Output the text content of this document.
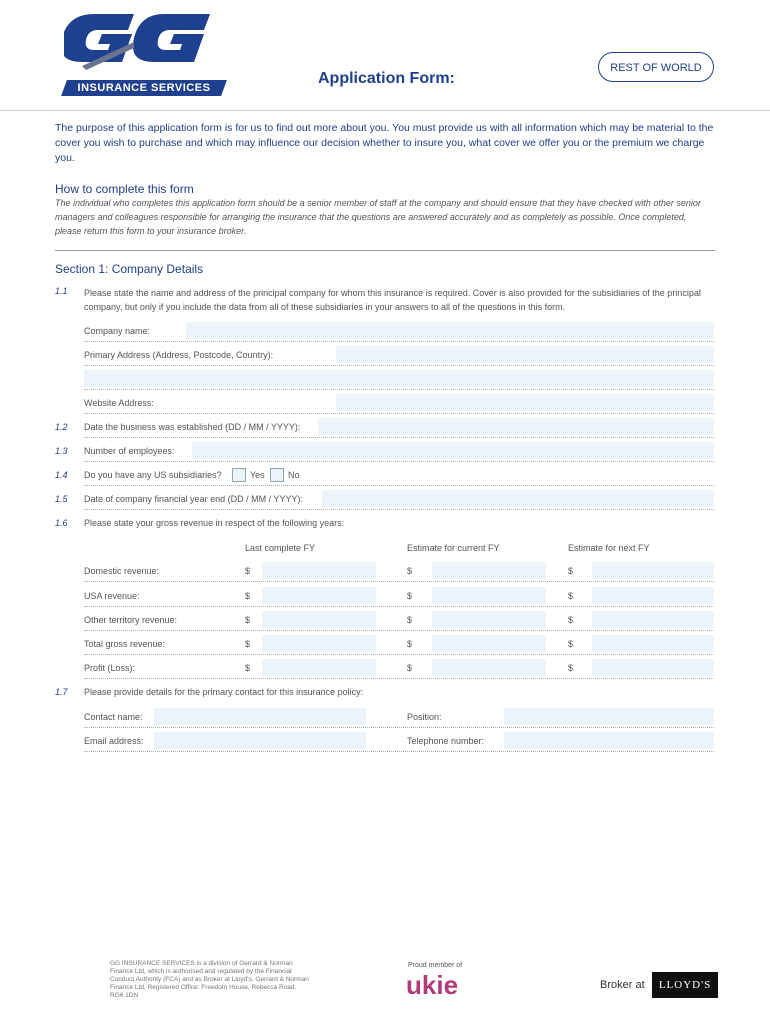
INSURANCE SERVICES
REST OF WORLD
Application Form:
The purpose of this application form is for us to find out more about you. You must provide us with all information which may be material to the cover you wish to purchase and which may influence our decision whether to insure you, what cover we offer you or the premium we charge you.
How to complete this form
The individual who completes this application form should be a senior member of staff at the company and should ensure that they have checked with other senior managers and colleagues responsible for arranging the insurance that the questions are answered accurately and as completely as possible. Once completed, please return this form to your insurance broker.
Section 1: Company Details
1.1 Please state the name and address of the principal company for whom this insurance is required. Cover is also provided for the subsidiaries of the principal company, but only if you include the data from all of these subsidiaries in your answers to all of the questions in this form.
Company name:
Primary Address (Address, Postcode, Country):
Website Address:
1.2 Date the business was established (DD / MM / YYYY):
1.3 Number of employees:
1.4 Do you have any US subsidiaries?	Yes	No
1.5 Date of company financial year end (DD / MM / YYYY):
1.6 Please state your gross revenue in respect of the following years:
Last complete FY	Estimate for current FY	Estimate for next FY
Domestic revenue:	$	$	$
USA revenue:	$	$	$
Other territory revenue:	$	$	$
Total gross revenue:	$	$	$
Profit (Loss):	$	$	$
1.7 Please provide details for the primary contact for this insurance policy:
Contact name:	Position:
Email address:	Telephone number:
GG INSURANCE SERVICES is a division of Gerrard & Norman Finance Ltd, which is authorised and regulated by the Financial Conduct Authority (FCA) and as Broker at Lloyd's. Gerrard & Norman Finance Ltd, Registered Office: Freedom House, Rebecca Road, RG6 1DN
Proud member of
ukie	Broker at	LLOYD'S
